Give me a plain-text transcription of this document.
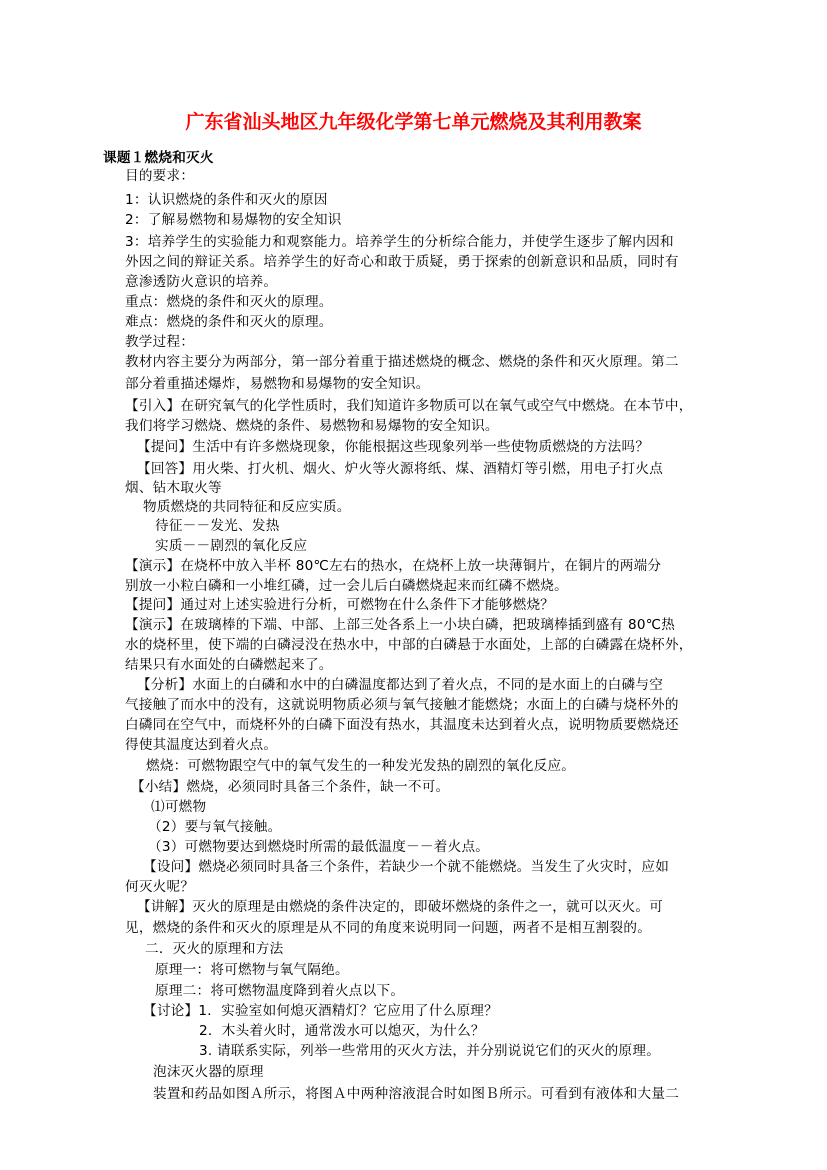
广东省汕头地区九年级化学第七单元燃烧及其利用教案
课题１燃烧和灭火
目的要求：
1：认识燃烧的条件和灭火的原因
2：了解易燃物和易爆物的安全知识
3：培养学生的实验能力和观察能力。培养学生的分析综合能力，并使学生逐步了解内因和
外因之间的辩证关系。培养学生的好奇心和敢于质疑，勇于探索的创新意识和品质，同时有
意渗透防火意识的培养。
重点：燃烧的条件和灭火的原理。
难点：燃烧的条件和灭火的原理。
教学过程：
教材内容主要分为两部分，第一部分着重于描述燃烧的概念、燃烧的条件和灭火原理。第二
部分着重描述爆炸，易燃物和易爆物的安全知识。
【引入】在研究氧气的化学性质时，我们知道许多物质可以在氧气或空气中燃烧。在本节中，
我们将学习燃烧、燃烧的条件、易燃物和易爆物的安全知识。
【提问】生活中有许多燃烧现象，你能根据这些现象列举一些使物质燃烧的方法吗？
【回答】用火柴、打火机、烟火、炉火等火源将纸、煤、酒精灯等引燃，用电子打火点
烟、钻木取火等
物质燃烧的共同特征和反应实质。
待征－－发光、发热
实质－－剧烈的氧化反应
【演示】在烧杯中放入半杯 80℃左右的热水，在烧杯上放一块薄铜片，在铜片的两端分
别放一小粒白磷和一小堆红磷，过一会儿后白磷燃烧起来而红磷不燃烧。
【提问】通过对上述实验进行分析，可燃物在什么条件下才能够燃烧？
【演示】在玻璃棒的下端、中部、上部三处各系上一小块白磷，把玻璃棒插到盛有 80℃热
水的烧杯里，使下端的白磷浸没在热水中，中部的白磷悬于水面处，上部的白磷露在烧杯外，
结果只有水面处的白磷燃起来了。
【分析】水面上的白磷和水中的白磷温度都达到了着火点，不同的是水面上的白磷与空
气接触了而水中的没有，这就说明物质必须与氧气接触才能燃烧；水面上的白磷与烧杯外的
白磷同在空气中，而烧杯外的白磷下面没有热水，其温度未达到着火点，说明物质要燃烧还
得使其温度达到着火点。
燃烧：可燃物跟空气中的氧气发生的一种发光发热的剧烈的氧化反应。
【小结】燃烧，必须同时具备三个条件，缺一不可。
⑴可燃物
（2）要与氧气接触。
（3）可燃物要达到燃烧时所需的最低温度－－着火点。
【设问】燃烧必须同时具备三个条件，若缺少一个就不能燃烧。当发生了火灾时，应如
何灭火呢？
【讲解】灭火的原理是由燃烧的条件决定的，即破坏燃烧的条件之一，就可以灭火。可
见，燃烧的条件和灭火的原理是从不同的角度来说明同一问题，两者不是相互割裂的。
二．灭火的原理和方法
原理一：将可燃物与氧气隔绝。
原理二：将可燃物温度降到着火点以下。
【讨论】1．实验室如何熄灭酒精灯？它应用了什么原理？
2．木头着火时，通常泼水可以熄灭，为什么？
3. 请联系实际，列举一些常用的灭火方法，并分别说说它们的灭火的原理。
泡沫灭火器的原理
装置和药品如图Ａ所示，将图Ａ中两种溶液混合时如图Ｂ所示。可看到有液体和大量二
